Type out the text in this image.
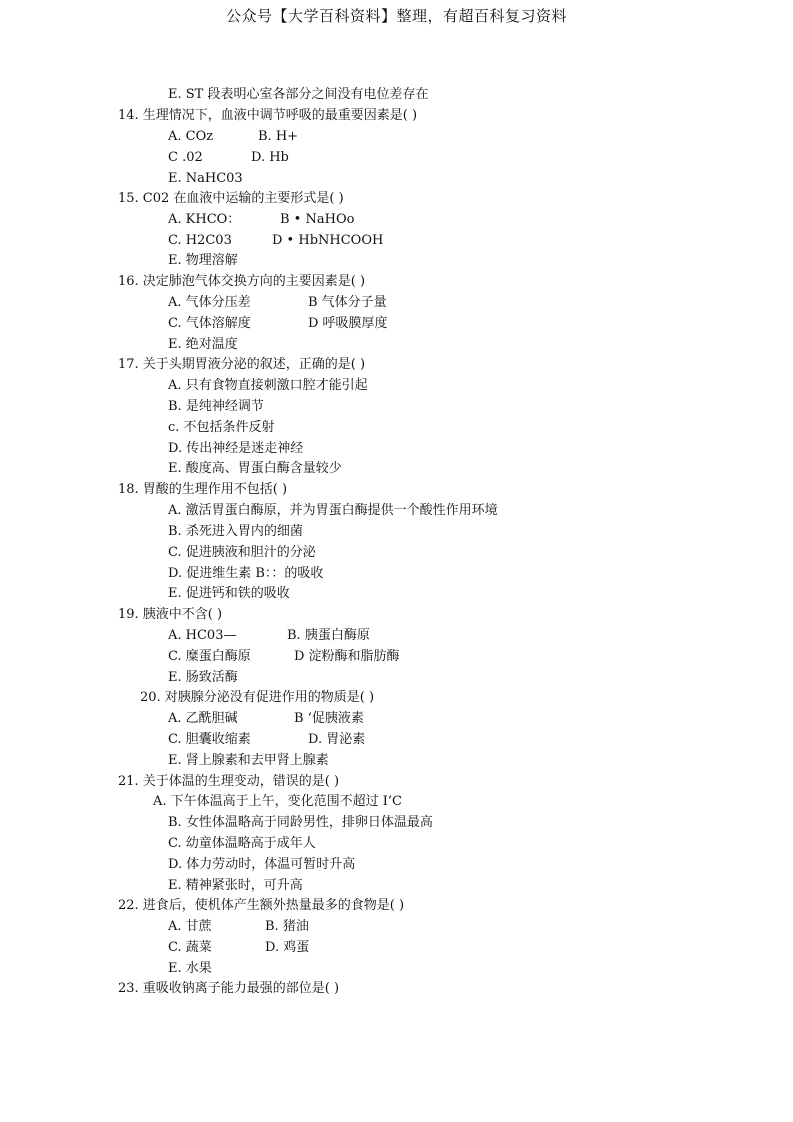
公众号【大学百科资料】整理，有超百科复习资料
E. ST 段表明心室各部分之间没有电位差存在
14. 生理情况下，血液中调节呼吸的最重要因素是( )
A. COz	B. H+
C .02	D. Hb
E. NaHC03
15. C02 在血液中运输的主要形式是( )
A. KHCO：	B • NaHOo
C. H2C03	D • HbNHCOOH
E. 物理溶解
16. 决定肺泡气体交换方向的主要因素是( )
A. 气体分压差	B 气体分子量
C. 气体溶解度	D 呼吸膜厚度
E. 绝对温度
17. 关于头期胃液分泌的叙述，正确的是( )
A. 只有食物直接刺激口腔才能引起
B. 是纯神经调节
c. 不包括条件反射
D. 传出神经是迷走神经
E. 酸度高、胃蛋白酶含量较少
18. 胃酸的生理作用不包括( )
A. 激活胃蛋白酶原，并为胃蛋白酶提供一个酸性作用环境
B. 杀死进入胃内的细菌
C. 促进胰液和胆汁的分泌
D. 促进维生素 B：：的吸收
E. 促进钙和铁的吸收
19. 胰液中不含( )
A. HC03—	B. 胰蛋白酶原
C. 糜蛋白酶原	D 淀粉酶和脂肪酶
E. 肠致活酶
20. 对胰腺分泌没有促进作用的物质是( )
A. 乙酰胆碱	B ‘促胰液素
C. 胆囊收缩素	D. 胃泌素
E. 肾上腺素和去甲肾上腺素
21. 关于体温的生理变动，错误的是( )
A. 下午体温高于上午，变化范围不超过 I’C
B. 女性体温略高于同龄男性，排卵日体温最高
C. 幼童体温略高于成年人
D. 体力劳动时，体温可暂时升高
E. 精神紧张时，可升高
22. 进食后，使机体产生额外热量最多的食物是( )
A. 甘蔗	B. 猪油
C. 蔬菜	D. 鸡蛋
E. 水果
23. 重吸收钠离子能力最强的部位是( )
